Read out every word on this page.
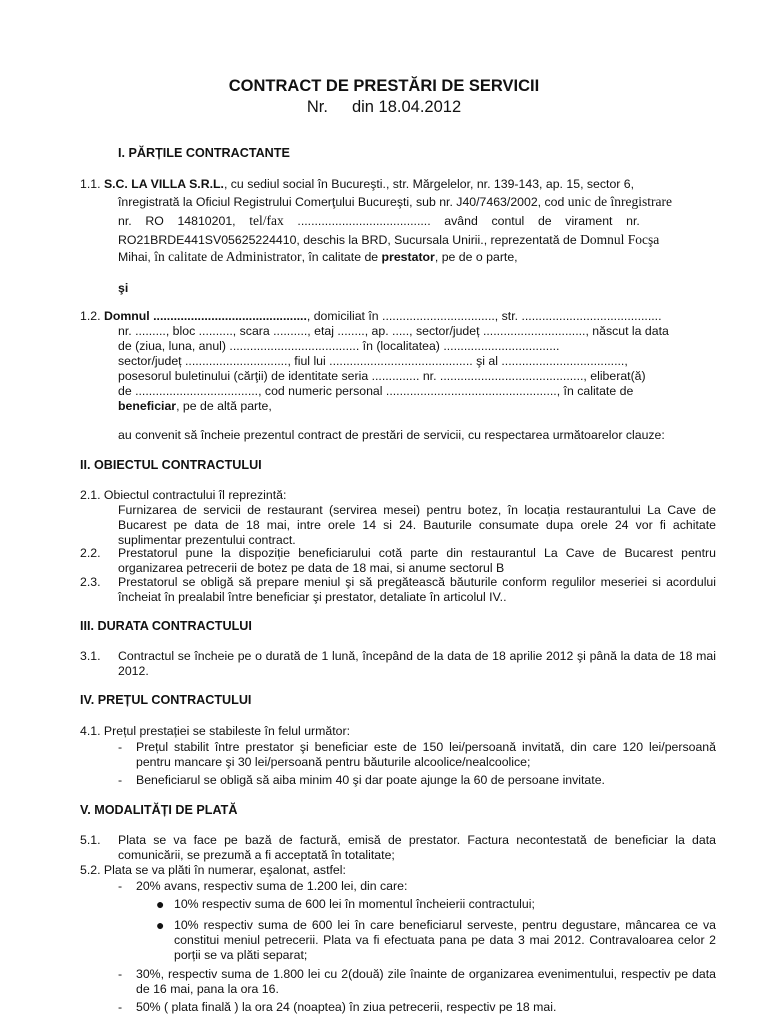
CONTRACT DE PRESTĂRI DE SERVICII
Nr. din 18.04.2012
I. PĂRȚILE CONTRACTANTE
1.1. S.C. LA VILLA S.R.L., cu sediul social în Bucureşti., str. Mărgelelor, nr. 139-143, ap. 15, sector 6,
înregistrată la Oficiul Registrului Comerţului Bucureşti, sub nr. J40/7463/2002, cod unic de înregistrare
nr.    RO    14810201,    tel/fax    .......................................    având    contul    de    virament    nr.
RO21BRDE441SV05625224410, deschis la BRD, Sucursala Unirii., reprezentată de Domnul Focşa
Mihai, în calitate de Administrator, în calitate de prestator, pe de o parte,
şi
1.2. Domnul ............................................., domiciliat în ................................., str. .........................................
nr. ........., bloc .........., scara .........., etaj ........, ap. ....., sector/județ .............................., născut la data
de (ziua, luna, anul) ...................................... în (localitatea) ..................................
sector/județ .............................., fiul lui .......................................... şi al ....................................,
posesorul buletinului (cărţii) de identitate seria .............. nr. .........................................., eliberat(ă)
de ...................................., cod numeric personal .................................................., în calitate de
beneficiar, pe de altă parte,
au convenit să încheie prezentul contract de prestări de servicii, cu respectarea următoarelor clauze:
II. OBIECTUL CONTRACTULUI
2.1. Obiectul contractului îl reprezintă:
Furnizarea de servicii de restaurant (servirea mesei) pentru botez, în locația restaurantului La Cave de Bucarest pe data de 18 mai, intre orele 14 si 24. Bauturile consumate dupa orele 24 vor fi achitate suplimentar prezentului contract.
2.2.	Prestatorul pune la dispoziție beneficiarului cotă parte din restaurantul La Cave de Bucarest pentru organizarea petrecerii de botez pe data de 18 mai, si anume sectorul B
2.3.	Prestatorul se obligă să prepare meniul şi să pregătească băuturile conform regulilor meseriei si acordului încheiat în prealabil între beneficiar şi prestator, detaliate în articolul IV..
III. DURATA CONTRACTULUI
3.1.	Contractul se încheie pe o durată de 1 lună, începând de la data de 18 aprilie 2012 şi până la data de 18 mai 2012.
IV. PREȚUL CONTRACTULUI
4.1. Prețul prestației se stabileste în felul următor:
-	Prețul stabilit între prestator şi beneficiar este de 150 lei/persoană invitată, din care 120 lei/persoană pentru mancare şi 30 lei/persoană pentru băuturile alcoolice/nealcoolice;
-	Beneficiarul se obligă să aiba minim 40 şi dar poate ajunge la 60 de persoane invitate.
V. MODALITĂȚI DE PLATĂ
5.1.	Plata se va face pe bază de factură, emisă de prestator. Factura necontestată de beneficiar la data comunicării, se prezumă a fi acceptată în totalitate;
5.2. Plata se va plăti în numerar, eşalonat, astfel:
-	20% avans, respectiv suma de 1.200 lei, din care:
● 10% respectiv suma de 600 lei în momentul încheierii contractului;
● 10% respectiv suma de 600 lei în care beneficiarul serveste, pentru degustare, mâncarea ce va constitui meniul petrecerii. Plata va fi efectuata pana pe data 3 mai 2012. Contravaloarea celor 2 porții se va plăti separat;
-	30%, respectiv suma de 1.800 lei cu 2(două) zile înainte de organizarea evenimentului, respectiv pe data de 16 mai, pana la ora 16.
-	50% ( plata finală ) la ora 24 (noaptea) în ziua petrecerii, respectiv pe 18 mai.
